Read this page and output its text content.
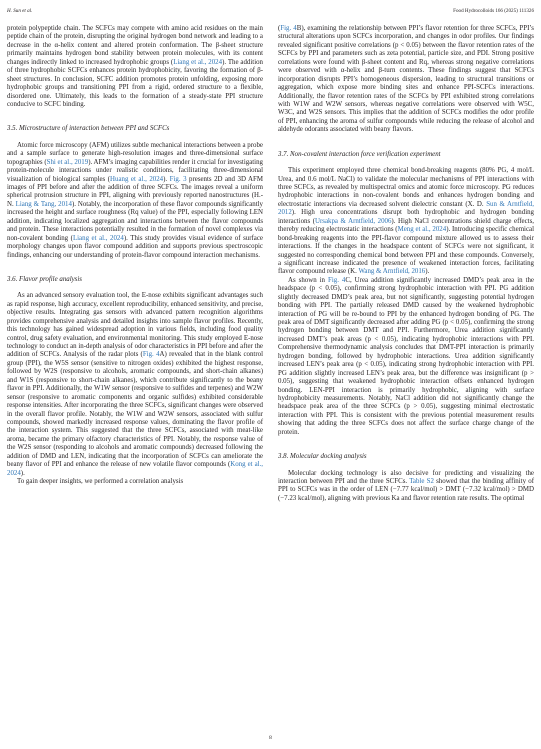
H. Sun et al.	Food Hydrocolloids 166 (2025) 111326

protein polypeptide chain. The SCFCs may compete with amino acid residues on the main peptide chain of the protein, disrupting the original hydrogen bond network and leading to a decrease in the α-helix content and altered protein conformation. The β-sheet structure primarily maintains hydrogen bond stability between protein molecules, with its content changes indirectly linked to increased hydrophobic groups (Liang et al., 2024). The addition of three hydrophobic SCFCs enhances protein hydrophobicity, favoring the formation of β-sheet structures. In conclusion, SCFC addition promotes protein unfolding, exposing more hydrophobic groups and transitioning PPI from a rigid, ordered structure to a flexible, disordered one. Ultimately, this leads to the formation of a steady-state PPI structure conducive to SCFC binding.

3.5. Microstructure of interaction between PPI and SCFCs

Atomic force microscopy (AFM) utilizes subtle mechanical interactions between a probe and a sample surface to generate high-resolution images and three-dimensional surface topographies (Shi et al., 2019). AFM’s imaging capabilities render it crucial for investigating protein-molecule interactions under realistic conditions, facilitating three-dimensional visualization of biological samples (Huang et al., 2024). Fig. 3 presents 2D and 3D AFM images of PPI before and after the addition of three SCFCs. The images reveal a uniform spherical protrusion structure in PPI, aligning with previously reported nanostructures (H.-N. Liang & Tang, 2014). Notably, the incorporation of these flavor compounds significantly increased the height and surface roughness (Rq value) of the PPI, especially following LEN addition, indicating localized aggregation and interactions between the flavor compounds and protein. These interactions potentially resulted in the formation of novel complexes via non-covalent bonding (Liang et al., 2024). This study provides visual evidence of surface morphology changes upon flavor compound addition and supports previous spectroscopic findings, enhancing our understanding of protein-flavor compound interaction mechanisms.

3.6. Flavor profile analysis

As an advanced sensory evaluation tool, the E-nose exhibits significant advantages such as rapid response, high accuracy, excellent reproducibility, enhanced sensitivity, and precise, objective results. Integrating gas sensors with advanced pattern recognition algorithms provides comprehensive analysis and detailed insights into sample flavor profiles. Recently, this technology has gained widespread adoption in various fields, including food quality control, drug safety evaluation, and environmental monitoring. This study employed E-nose technology to conduct an in-depth analysis of odor characteristics in PPI before and after the addition of SCFCs. Analysis of the radar plots (Fig. 4A) revealed that in the blank control group (PPI), the W5S sensor (sensitive to nitrogen oxides) exhibited the highest response, followed by W2S (responsive to alcohols, aromatic compounds, and short-chain alkanes) and W1S (responsive to short-chain alkanes), which contribute significantly to the beany flavor in PPI. Additionally, the W1W sensor (responsive to sulfides and terpenes) and W2W sensor (responsive to aromatic components and organic sulfides) exhibited considerable response intensities. After incorporating the three SCFCs, significant changes were observed in the overall flavor profile. Notably, the W1W and W2W sensors, associated with sulfur compounds, showed markedly increased response values, dominating the flavor profile of the interaction system. This suggested that the three SCFCs, associated with meat-like aroma, became the primary olfactory characteristics of PPI. Notably, the response value of the W2S sensor (responding to alcohols and aromatic compounds) decreased following the addition of DMD and LEN, indicating that the incorporation of SCFCs can ameliorate the beany flavor of PPI and enhance the release of new volatile flavor compounds (Kong et al., 2024).

To gain deeper insights, we performed a correlation analysis

(Fig. 4B), examining the relationship between PPI’s flavor retention for three SCFCs, PPI’s structural alterations upon SCFCs incorporation, and changes in odor profiles. Our findings revealed significant positive correlations (p < 0.05) between the flavor retention rates of the SCFCs by PPI and parameters such as zeta potential, particle size, and PDI. Strong positive correlations were found with β-sheet content and Rq, whereas strong negative correlations were observed with α-helix and β-turn contents. These findings suggest that SCFCs incorporation disrupts PPI’s homogeneous dispersion, leading to structural transitions or aggregation, which expose more binding sites and enhance PPI-SCFCs interactions. Additionally, the flavor retention rates of the SCFCs by PPI exhibited strong correlations with W1W and W2W sensors, whereas negative correlations were observed with W5C, W3C, and W2S sensors. This implies that the addition of SCFCs modifies the odor profile of PPI, enhancing the aroma of sulfur compounds while reducing the release of alcohol and aldehyde odorants associated with beany flavors.

3.7. Non-covalent interaction force verification experiment

This experiment employed three chemical bond-breaking reagents (80% PG, 4 mol/L Urea, and 0.6 mol/L NaCl) to validate the molecular mechanisms of PPI interactions with three SCFCs, as revealed by multispectral omics and atomic force microscopy. PG reduces hydrophobic interactions in non-covalent bonds and enhances hydrogen bonding and electrostatic interactions via decreased solvent dielectric constant (X. D. Sun & Arntfield, 2012). High urea concentrations disrupt both hydrophobic and hydrogen bonding interactions (Ursakpa & Arntfield, 2006). High NaCl concentrations shield charge effects, thereby reducing electrostatic interactions (Meng et al., 2024). Introducing specific chemical bond-breaking reagents into the PPI-flavor compound mixture allowed us to assess their interactions. If the changes in the headspace content of SCFCs were not significant, it suggested no corresponding chemical bond between PPI and these compounds. Conversely, a significant increase indicated the presence of weakened interaction forces, facilitating flavor compound release (K. Wang & Arntfield, 2016).

As shown in Fig. 4C, Urea addition significantly increased DMD’s peak area in the headspace (p < 0.05), confirming strong hydrophobic interaction with PPI. PG addition slightly decreased DMD’s peak area, but not significantly, suggesting potential hydrogen bonding with PPI. The partially released DMD caused by the weakened hydrophobic interaction of PG will be re-bound to PPI by the enhanced hydrogen bonding of PG. The peak area of DMT significantly decreased after adding PG (p < 0.05), confirming the strong hydrogen bonding between DMT and PPI. Furthermore, Urea addition significantly increased DMT’s peak areas (p < 0.05), indicating hydrophobic interactions with PPI. Comprehensive thermodynamic analysis concludes that DMT-PPI interaction is primarily hydrogen bonding, followed by hydrophobic interactions. Urea addition significantly increased LEN’s peak area (p < 0.05), indicating strong hydrophobic interaction with PPI. PG addition slightly increased LEN’s peak area, but the difference was insignificant (p > 0.05), suggesting that weakened hydrophobic interaction offsets enhanced hydrogen bonding. LEN-PPI interaction is primarily hydrophobic, aligning with surface hydrophobicity measurements. Notably, NaCl addition did not significantly change the headspace peak area of the three SCFCs (p > 0.05), suggesting minimal electrostatic interaction with PPI. This is consistent with the previous potential measurement results showing that adding the three SCFCs does not affect the surface charge change of the protein.

3.8. Molecular docking analysis

Molecular docking technology is also decisive for predicting and visualizing the interaction between PPI and the three SCFCs. Table S2 showed that the binding affinity of PPI to SCFCs was in the order of LEN (−7.77 kcal/mol) > DMT (−7.32 kcal/mol) > DMD (−7.23 kcal/mol), aligning with previous Ka and flavor retention rate results. The optimal

8
